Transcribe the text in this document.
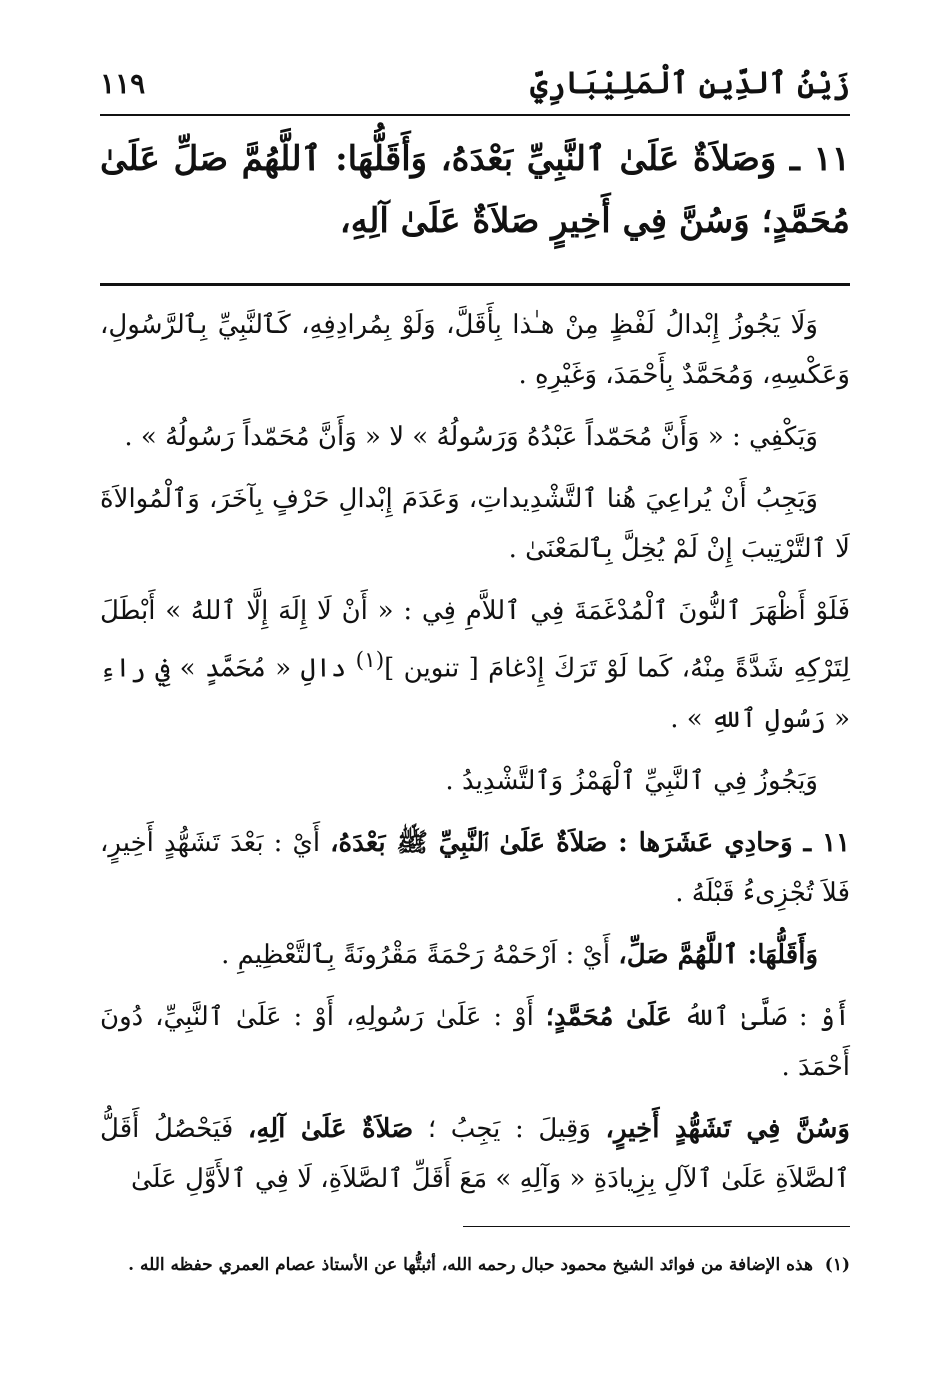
زَيْنُ ٱلدِّينِ ٱلْمَلِيْبَارِيّ
١١٩
١١ ـ وَصَلاَةٌ عَلَىٰ ٱلنَّبِيِّ بَعْدَهُ، وَأَقَلُّهَا: ٱللَّهُمَّ صَلِّ عَلَىٰ مُحَمَّدٍ؛ وَسُنَّ فِي أَخِيرٍ صَلاَةٌ عَلَىٰ آلِهِ،

وَلَا يَجُوزُ إِبْدالُ لَفْظٍ مِنْ هـٰذا بِأَقَلَّ، وَلَوْ بِمُرادِفِهِ، كَٱلنَّبِيِّ بِٱلرَّسُولِ، وَعَكْسِهِ، وَمُحَمَّدٌ بِأَحْمَدَ، وَغَيْرِهِ .

وَيَكْفِي : « وَأَنَّ مُحَمّداً عَبْدُهُ وَرَسُولُهُ » لا « وَأَنَّ مُحَمّداً رَسُولُهُ » .

وَيَجِبُ أَنْ يُراعِيَ هُنا ٱلتَّشْدِيداتِ، وَعَدَمَ إِبْدالِ حَرْفٍ بِآخَرَ، وَٱلْمُوالاَةَ لَا ٱلتَّرْتِيبَ إِنْ لَمْ يُخِلَّ بِٱلمَعْنَىٰ .

فَلَوْ أَظْهَرَ ٱلنُّونَ ٱلْمُدْغَمَةَ فِي ٱللاَّمِ فِي : « أَنْ لَا إِلَهَ إِلَّا ٱللهُ » أَبْطَلَ لِتَرْكِهِ شَدَّةً مِنْهُ، كَما لَوْ تَرَكَ إِدْغامَ [ تنوين ]$^{(١)}$ دالِ « مُحَمَّدٍ » فِي راءِ « رَسُولِ ٱللهِ » .

وَيَجُوزُ فِي ٱلنَّبِيِّ ٱلْهَمْزُ وَٱلتَّشْدِيدُ .

١١ ـ وَحادِي عَشَرَها : صَلاَةٌ عَلَىٰ ٱلنَّبِيِّ ﷺ بَعْدَهُ، أَيْ : بَعْدَ تَشَهُّدٍ أَخِيرٍ، فَلاَ تُجْزِىءُ قَبْلَهُ .

وَأَقَلُّهَا: ٱللَّهُمَّ صَلِّ، أَيْ : اَرْحَمْهُ رَحْمَةً مَقْرُونَةً بِٱلتَّعْظِيمِ .

أَوْ : صَلَّىٰ ٱللهُ عَلَىٰ مُحَمَّدٍ؛ أَوْ : عَلَىٰ رَسُولِهِ، أَوْ : عَلَىٰ ٱلنَّبِيِّ، دُونَ أَحْمَدَ .

وَسُنَّ فِي تَشَهُّدٍ أَخِيرٍ، وَقِيلَ : يَجِبُ ؛ صَلاَةٌ عَلَىٰ آلِهِ، فَيَحْصُلُ أَقَلُّ ٱلصَّلاَةِ عَلَىٰ ٱلآلِ بِزِيادَةِ « وَآلِهِ » مَعَ أَقَلِّ ٱلصَّلاَةِ، لَا فِي ٱلأَوَّلِ عَلَىٰ

(١)  هذه الإضافة من فوائد الشيخ محمود حبال رحمه الله، أثبتُّها عن الأستاذ عصام العمري حفظه الله .
